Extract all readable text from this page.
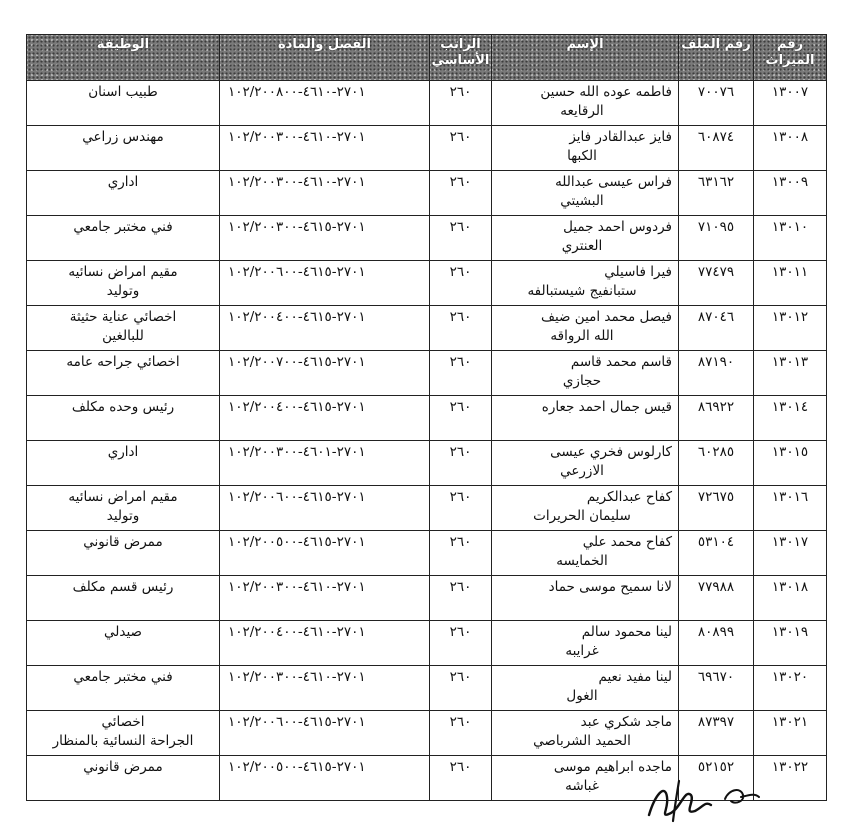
رقم الميراث	رقم الملف	الإسم	الراتب الأساسي	الفصل والمادة	الوظيفة
١٣٠٠٧	٧٠٠٧٦	فاطمه عوده الله حسين
الرقايعه	٢٦٠	٢٧٠١-٤٦١٠-١٠٢/٢٠٠٨٠٠	طبيب اسنان

١٣٠٠٨	٦٠٨٧٤	فايز عبدالقادر فايز
الكبها	٢٦٠	٢٧٠١-٤٦١٠-١٠٢/٢٠٠٣٠٠	مهندس زراعي

١٣٠٠٩	٦٣١٦٢	فراس عيسى عبدالله
البشيتي	٢٦٠	٢٧٠١-٤٦١٠-١٠٢/٢٠٠٣٠٠	اداري

١٣٠١٠	٧١٠٩٥	فردوس احمد جميل
العنتري	٢٦٠	٢٧٠١-٤٦١٥-١٠٢/٢٠٠٣٠٠	فني مختبر جامعي

١٣٠١١	٧٧٤٧٩	فيرا فاسيلي
ستبانفيج شيستبالفه	٢٦٠	٢٧٠١-٤٦١٥-١٠٢/٢٠٠٦٠٠	مقيم امراض نسائيه
وتوليد

١٣٠١٢	٨٧٠٤٦	فيصل محمد امين ضيف
الله الرواقه	٢٦٠	٢٧٠١-٤٦١٥-١٠٢/٢٠٠٤٠٠	اخصائي عناية حثيثة
للبالغين

١٣٠١٣	٨٧١٩٠	قاسم محمد قاسم
حجازي	٢٦٠	٢٧٠١-٤٦١٥-١٠٢/٢٠٠٧٠٠	اخصائي جراحه عامه

١٣٠١٤	٨٦٩٢٢	قيس جمال احمد جعاره	٢٦٠	٢٧٠١-٤٦١٥-١٠٢/٢٠٠٤٠٠	رئيس وحده مكلف

١٣٠١٥	٦٠٢٨٥	كارلوس فخري عيسى
الازرعي	٢٦٠	٢٧٠١-٤٦٠١-١٠٢/٢٠٠٣٠٠	اداري

١٣٠١٦	٧٢٦٧٥	كفاح عبدالكريم
سليمان الحريرات	٢٦٠	٢٧٠١-٤٦١٥-١٠٢/٢٠٠٦٠٠	مقيم امراض نسائيه
وتوليد

١٣٠١٧	٥٣١٠٤	كفاح محمد علي
الخمايسه	٢٦٠	٢٧٠١-٤٦١٥-١٠٢/٢٠٠٥٠٠	ممرض قانوني

١٣٠١٨	٧٧٩٨٨	لانا سميح موسى حماد	٢٦٠	٢٧٠١-٤٦١٠-١٠٢/٢٠٠٣٠٠	رئيس قسم مكلف

١٣٠١٩	٨٠٨٩٩	لينا محمود سالم
غرايبه	٢٦٠	٢٧٠١-٤٦١٠-١٠٢/٢٠٠٤٠٠	صيدلي

١٣٠٢٠	٦٩٦٧٠	لينا مفيد نعيم
الغول	٢٦٠	٢٧٠١-٤٦١٠-١٠٢/٢٠٠٣٠٠	فني مختبر جامعي

١٣٠٢١	٨٧٣٩٧	ماجد شكري عبد
الحميد الشرباصي	٢٦٠	٢٧٠١-٤٦١٥-١٠٢/٢٠٠٦٠٠	اخصائي
الجراحة النسائية بالمنظار

١٣٠٢٢	٥٢١٥٢	ماجده ابراهيم موسى
غباشه	٢٦٠	٢٧٠١-٤٦١٥-١٠٢/٢٠٠٥٠٠	ممرض قانوني
